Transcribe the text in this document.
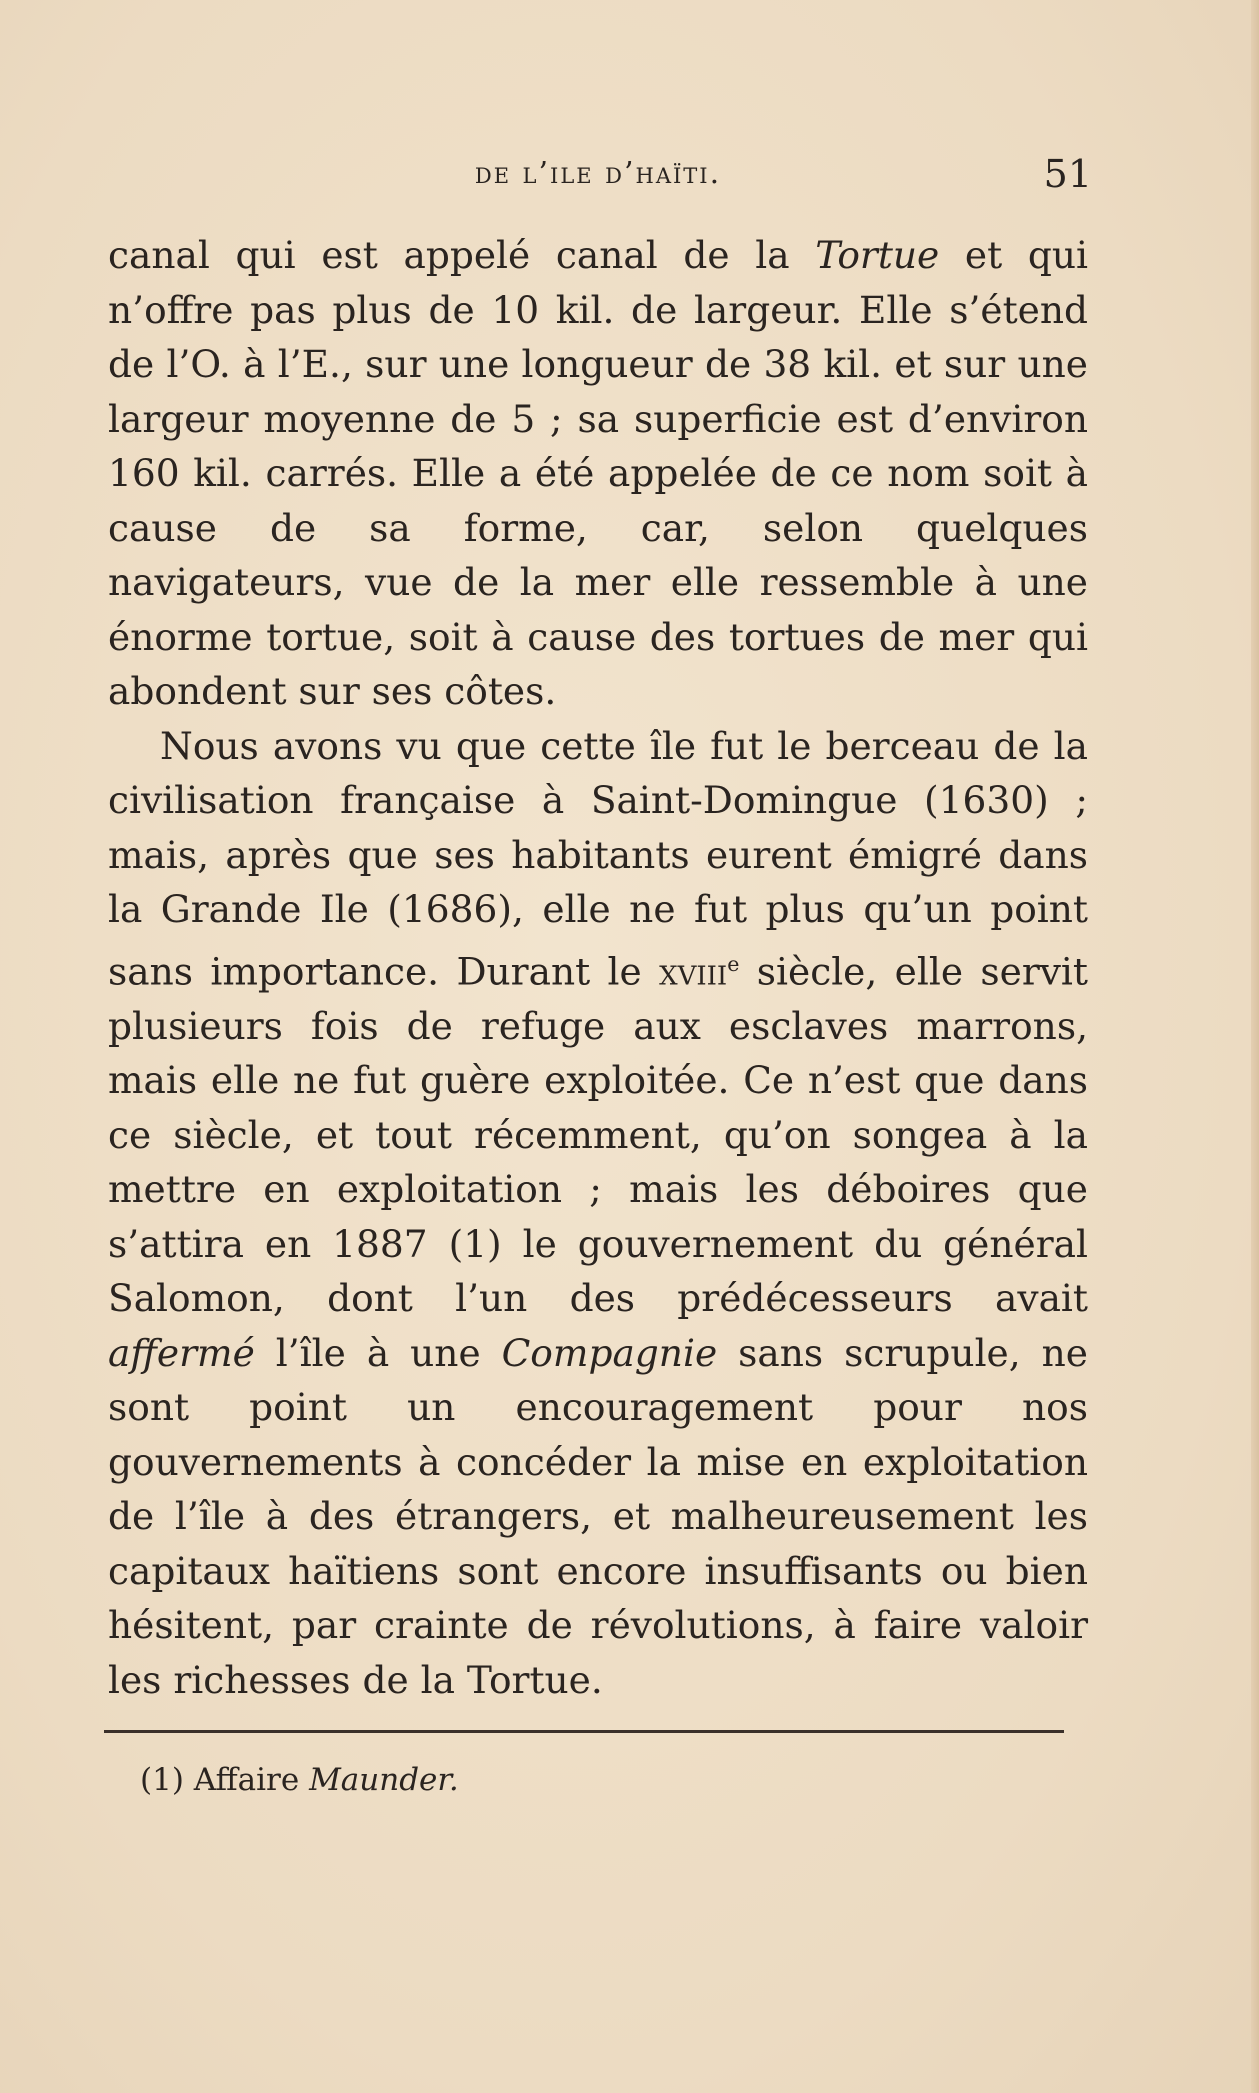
de l’ile d’haïti.	51

canal qui est appelé canal de la Tortue et qui n’offre pas plus de 10 kil. de largeur. Elle s’étend de l’O. à l’E., sur une longueur de 38 kil. et sur une largeur moyenne de 5 ; sa superficie est d’environ 160 kil. carrés. Elle a été appelée de ce nom soit à cause de sa forme, car, selon quelques navigateurs, vue de la mer elle ressemble à une énorme tortue, soit à cause des tortues de mer qui abondent sur ses côtes.

Nous avons vu que cette île fut le berceau de la civilisation française à Saint-Domingue (1630) ; mais, après que ses habitants eurent émigré dans la Grande Ile (1686), elle ne fut plus qu’un point sans importance. Durant le xviii$^e$ siècle, elle servit plusieurs fois de refuge aux esclaves marrons, mais elle ne fut guère exploitée. Ce n’est que dans ce siècle, et tout récemment, qu’on songea à la mettre en exploitation ; mais les déboires que s’attira en 1887 (1) le gouvernement du général Salomon, dont l’un des prédécesseurs avait affermé l’île à une Compagnie sans scrupule, ne sont point un encouragement pour nos gouvernements à concéder la mise en exploitation de l’île à des étrangers, et malheureusement les capitaux haïtiens sont encore insuffisants ou bien hésitent, par crainte de révolutions, à faire valoir les richesses de la Tortue.

(1) Affaire Maunder.
